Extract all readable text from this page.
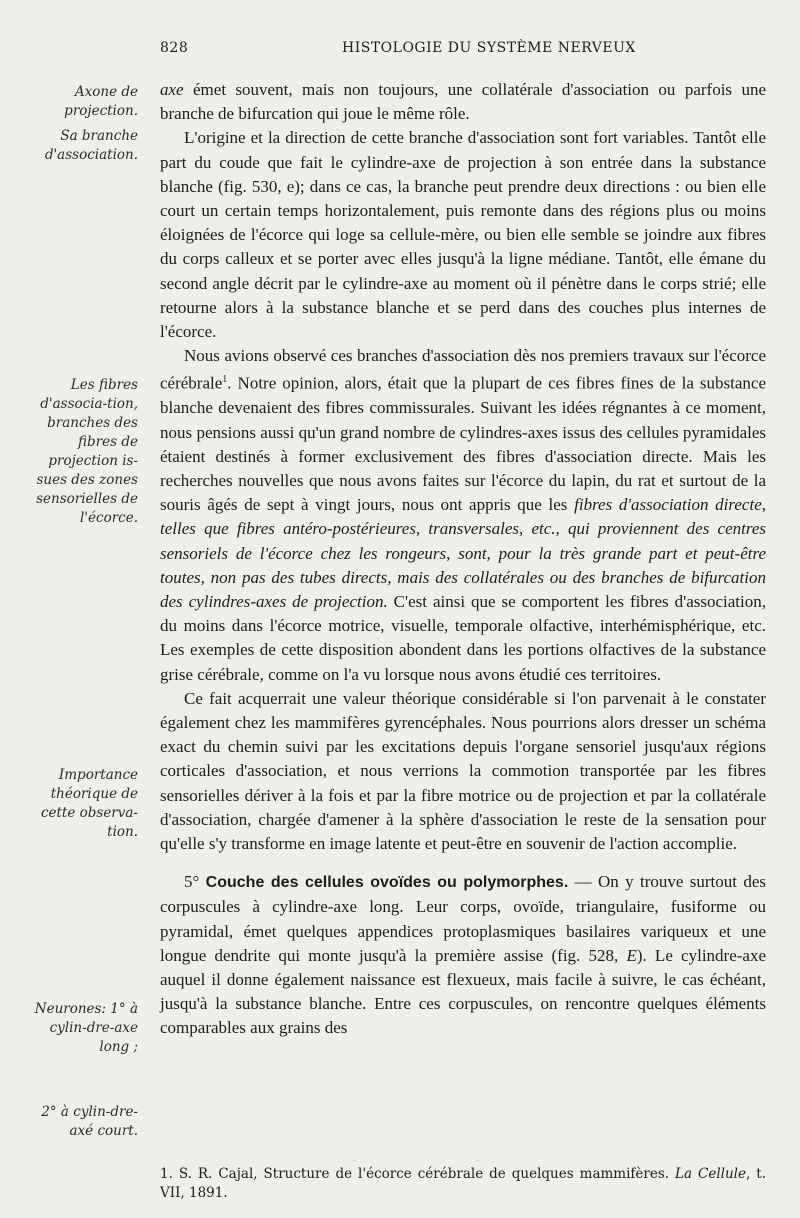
828	HISTOLOGIE DU SYSTÈME NERVEUX
Axone de projection.
Sa branche d'association.
Les fibres d'associa-tion, branches des fibres de projection is-sues des zones sensorielles de l'écorce.
Importance théorique de cette observa-tion.
Neurones: 1° à cylin-dre-axe long ;
2° à cylin-dre-axé court.

axe émet souvent, mais non toujours, une collatérale d'association ou parfois une branche de bifurcation qui joue le même rôle.

L'origine et la direction de cette branche d'association sont fort variables. Tantôt elle part du coude que fait le cylindre-axe de projection à son entrée dans la substance blanche (fig. 530, e); dans ce cas, la branche peut prendre deux directions : ou bien elle court un certain temps horizontalement, puis remonte dans des régions plus ou moins éloignées de l'écorce qui loge sa cellule-mère, ou bien elle semble se joindre aux fibres du corps calleux et se porter avec elles jusqu'à la ligne médiane. Tantôt, elle émane du second angle décrit par le cylindre-axe au moment où il pénètre dans le corps strié; elle retourne alors à la substance blanche et se perd dans des couches plus internes de l'écorce.

Nous avions observé ces branches d'association dès nos premiers travaux sur l'écorce cérébrale$^1$. Notre opinion, alors, était que la plupart de ces fibres fines de la substance blanche devenaient des fibres commissurales. Suivant les idées régnantes à ce moment, nous pensions aussi qu'un grand nombre de cylindres-axes issus des cellules pyramidales étaient destinés à former exclusivement des fibres d'association directe. Mais les recherches nouvelles que nous avons faites sur l'écorce du lapin, du rat et surtout de la souris âgés de sept à vingt jours, nous ont appris que les fibres d'association directe, telles que fibres antéro-postérieures, transversales, etc., qui proviennent des centres sensoriels de l'écorce chez les rongeurs, sont, pour la très grande part et peut-être toutes, non pas des tubes directs, mais des collatérales ou des branches de bifurcation des cylindres-axes de projection. C'est ainsi que se comportent les fibres d'association, du moins dans l'écorce motrice, visuelle, temporale olfactive, interhémisphérique, etc. Les exemples de cette disposition abondent dans les portions olfactives de la substance grise cérébrale, comme on l'a vu lorsque nous avons étudié ces territoires.

Ce fait acquerrait une valeur théorique considérable si l'on parvenait à le constater également chez les mammifères gyrencéphales. Nous pourrions alors dresser un schéma exact du chemin suivi par les excitations depuis l'organe sensoriel jusqu'aux régions corticales d'association, et nous verrions la commotion transportée par les fibres sensorielles dériver à la fois et par la fibre motrice ou de projection et par la collatérale d'association, chargée d'amener à la sphère d'association le reste de la sensation pour qu'elle s'y transforme en image latente et peut-être en souvenir de l'action accomplie.

5° Couche des cellules ovoïdes ou polymorphes. — On y trouve surtout des corpuscules à cylindre-axe long. Leur corps, ovoïde, triangulaire, fusiforme ou pyramidal, émet quelques appendices protoplasmiques basilaires variqueux et une longue dendrite qui monte jusqu'à la première assise (fig. 528, E). Le cylindre-axe auquel il donne également naissance est flexueux, mais facile à suivre, le cas échéant, jusqu'à la substance blanche. Entre ces corpuscules, on rencontre quelques éléments comparables aux grains des

1. S. R. Cajal, Structure de l'écorce cérébrale de quelques mammifères. La Cellule, t. VII, 1891.
